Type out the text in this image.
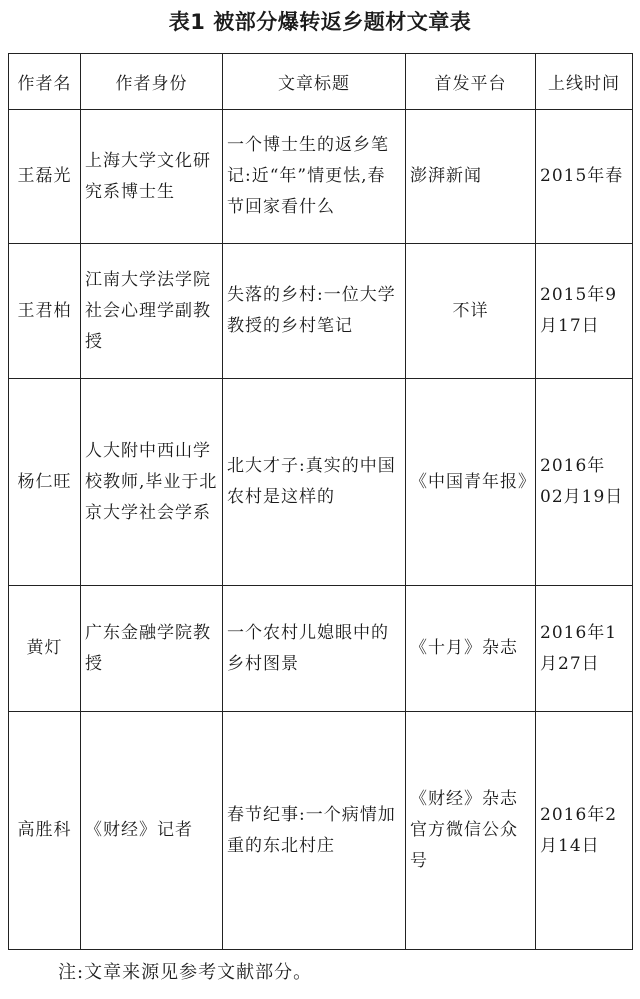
表1 被部分爆转返乡题材文章表
作者名	作者身份	文章标题	首发平台	上线时间
王磊光	上海大学文化研究系博士生	一个博士生的返乡笔记:近“年”情更怯,春节回家看什么	澎湃新闻	2015年春
王君柏	江南大学法学院社会心理学副教授	失落的乡村:一位大学教授的乡村笔记	不详	2015年9月17日
杨仁旺	人大附中西山学校教师,毕业于北京大学社会学系	北大才子:真实的中国农村是这样的	《中国青年报》	2016年02月19日
黄灯	广东金融学院教授	一个农村儿媳眼中的乡村图景	《十月》杂志	2016年1月27日
高胜科	《财经》记者	春节纪事:一个病情加重的东北村庄	《财经》杂志官方微信公众号	2016年2月14日
注:文章来源见参考文献部分。
